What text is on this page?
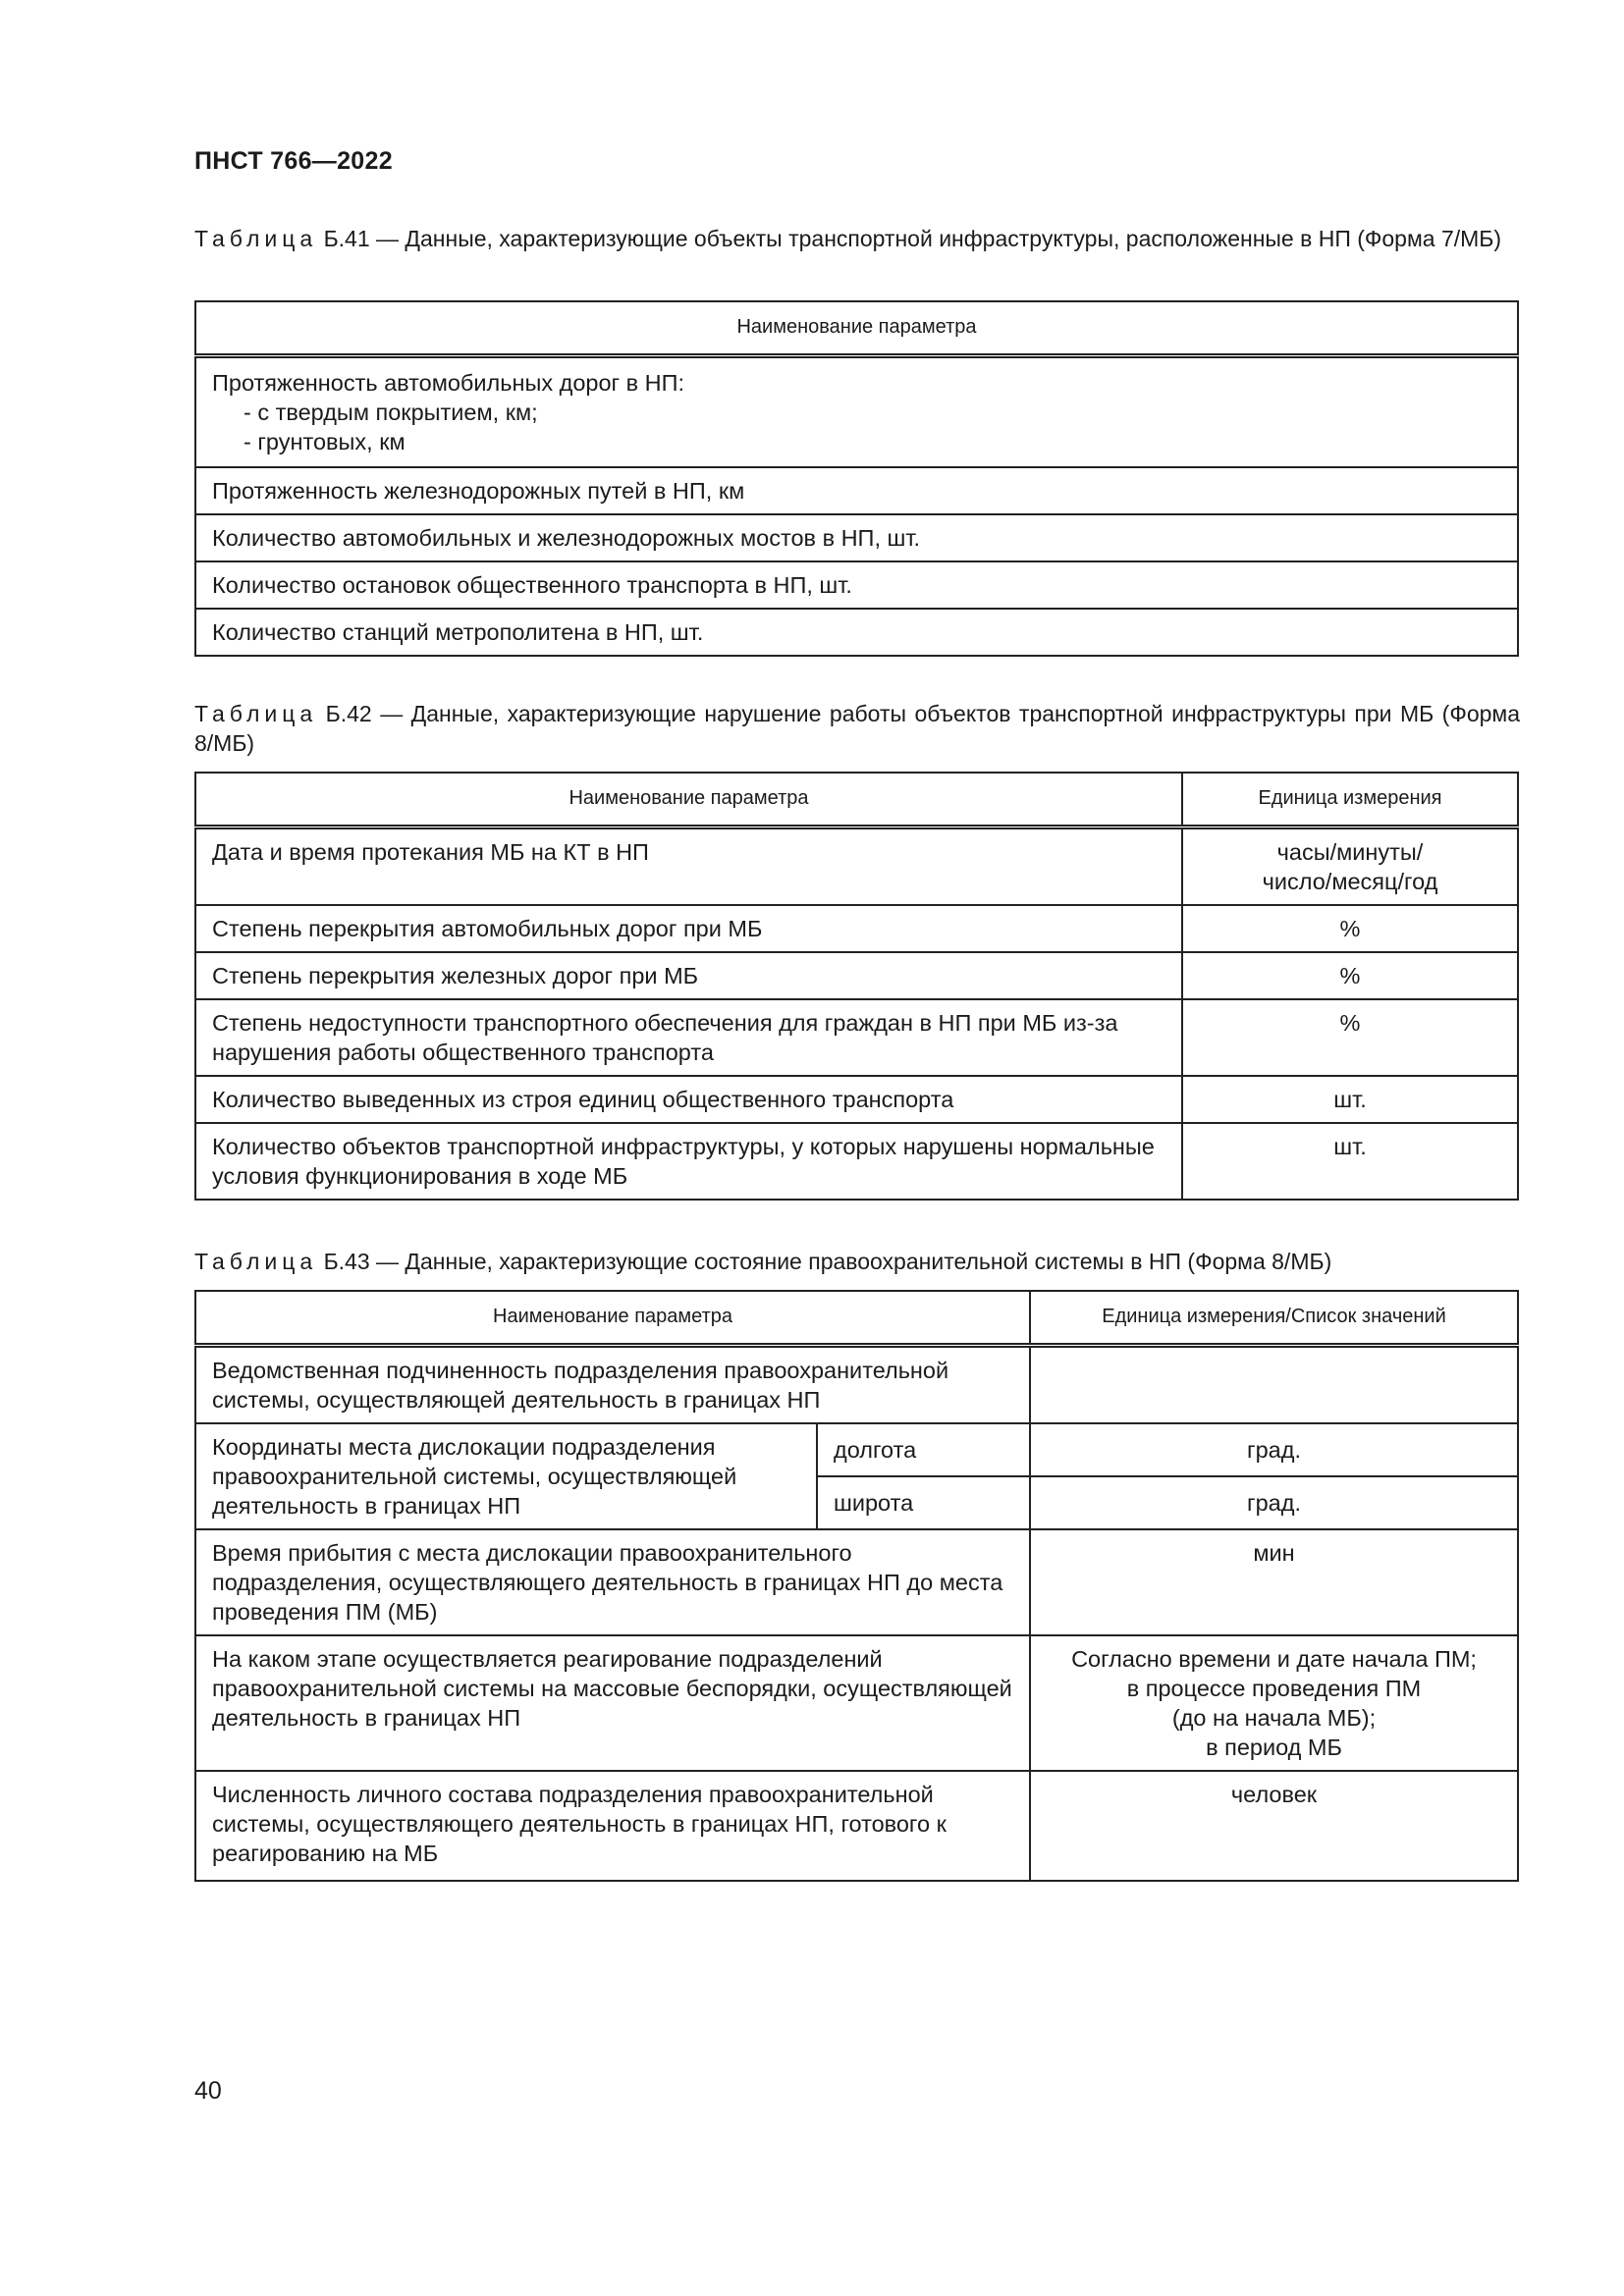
ПНСТ 766—2022
Таблица Б.41 — Данные, характеризующие объекты транспортной инфраструктуры, расположенные в НП (Форма 7/МБ)
Наименование параметра

Протяженность автомобильных дорог в НП:
- с твердым покрытием, км;
- грунтовых, км

Протяженность железнодорожных путей в НП, км
Количество автомобильных и железнодорожных мостов в НП, шт.
Количество остановок общественного транспорта в НП, шт.
Количество станций метрополитена в НП, шт.
Таблица Б.42 — Данные, характеризующие нарушение работы объектов транспортной инфраструктуры при МБ (Форма 8/МБ)
Наименование параметра	Единица измерения
Дата и время протекания МБ на КТ в НП	часы/минуты/
число/месяц/год

Степень перекрытия автомобильных дорог при МБ	%
Степень перекрытия железных дорог при МБ	%
Степень недоступности транспортного обеспечения для граждан в НП при МБ из-за нарушения работы общественного транспорта	%
Количество выведенных из строя единиц общественного транспорта	шт.
Количество объектов транспортной инфраструктуры, у которых нарушены нормальные условия функционирования в ходе МБ	шт.
Таблица Б.43 — Данные, характеризующие состояние правоохранительной системы в НП (Форма 8/МБ)
Наименование параметра		Единица измерения/Список значений
Ведомственная подчиненность подразделения правоохранительной системы, осуществляющей деятельность в границах НП		
Координаты места дислокации подразделения правоохранительной системы, осуществляющей деятельность в границах НП	долгота	град.
	широта	град.
Время прибытия с места дислокации правоохранительного подразделения, осуществляющего деятельность в границах НП до места проведения ПМ (МБ)		мин
На каком этапе осуществляется реагирование подразделений правоохранительной системы на массовые беспорядки, осуществляющей деятельность в границах НП		Согласно времени и дате начала ПМ;
в процессе проведения ПМ
(до на начала МБ);
в период МБ

Численность личного состава подразделения правоохранительной системы, осуществляющего деятельность в границах НП, готового к реагированию на МБ		человек
40
